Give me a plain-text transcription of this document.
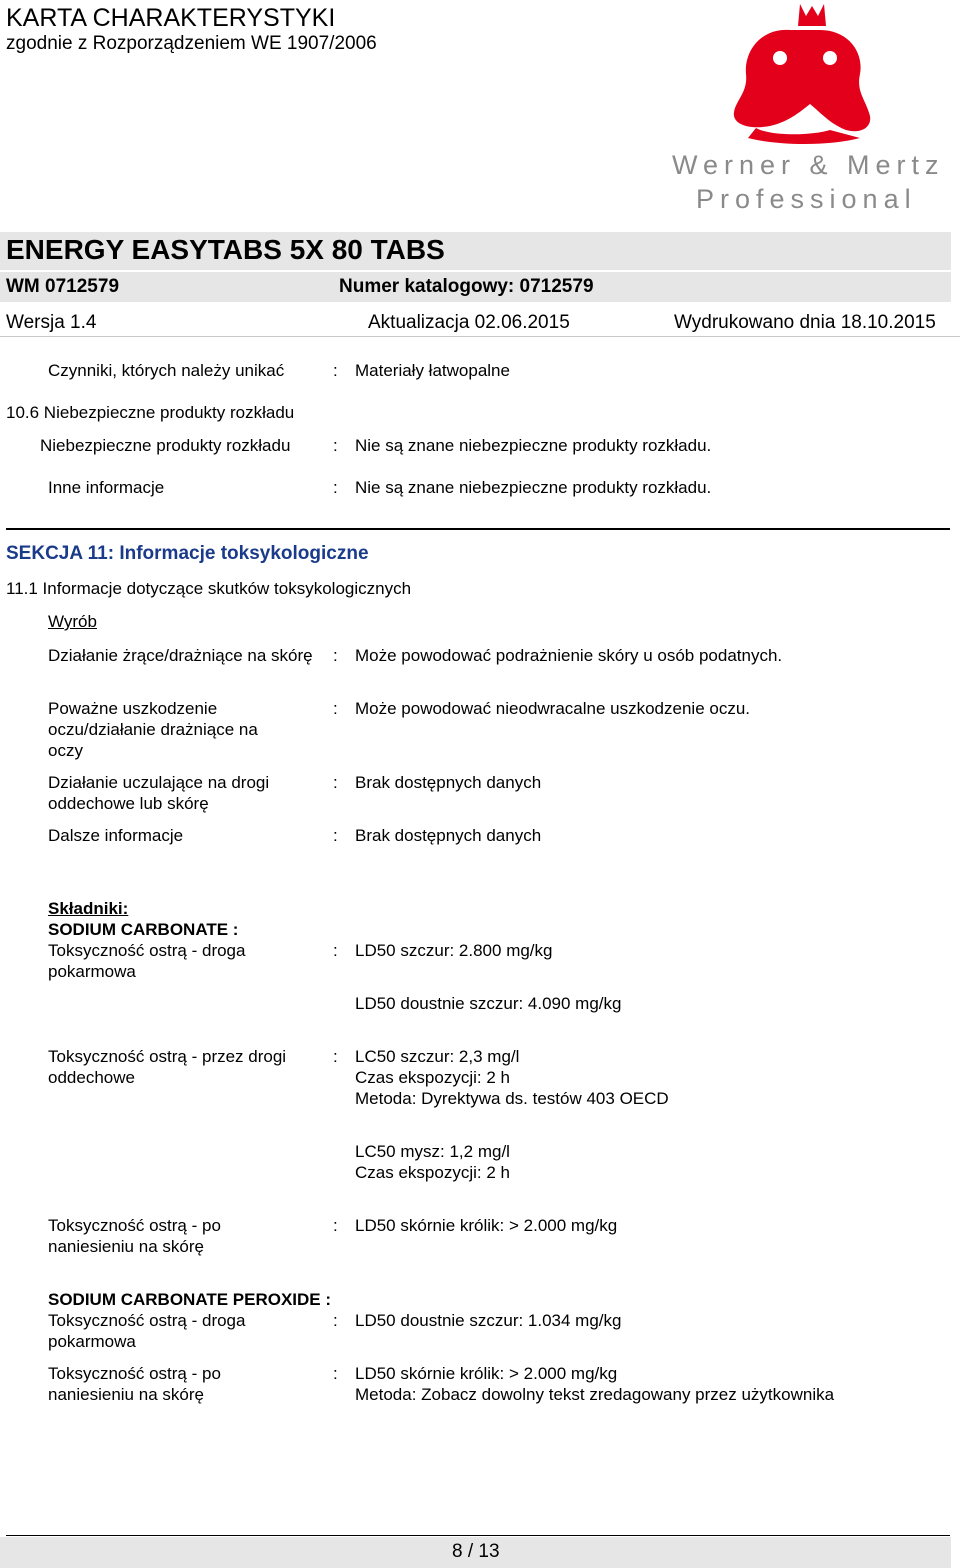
KARTA CHARAKTERYSTYKI
zgodnie z Rozporządzeniem WE 1907/2006
Werner & Mertz
Professional
ENERGY EASYTABS 5X 80 TABS
WM 0712579	Numer katalogowy: 0712579
Wersja 1.4	Aktualizacja 02.06.2015	Wydrukowano dnia 18.10.2015
Czynniki, których należy unikać	: Materiały łatwopalne
10.6 Niebezpieczne produkty rozkładu
Niebezpieczne produkty rozkładu	: Nie są znane niebezpieczne produkty rozkładu.
Inne informacje	: Nie są znane niebezpieczne produkty rozkładu.
SEKCJA 11: Informacje toksykologiczne
11.1 Informacje dotyczące skutków toksykologicznych
Wyrób
Działanie żrące/drażniące na skórę : Może powodować podrażnienie skóry u osób podatnych.
Poważne uszkodzenie oczu/działanie drażniące na oczy
: Może powodować nieodwracalne uszkodzenie oczu.
Działanie uczulające na drogi oddechowe lub skórę
: Brak dostępnych danych
Dalsze informacje	: Brak dostępnych danych
Składniki:
SODIUM CARBONATE :
Toksyczność ostrą - droga pokarmowa
: LD50 szczur: 2.800 mg/kg
LD50 doustnie szczur: 4.090 mg/kg
Toksyczność ostrą - przez drogi oddechowe
: LC50 szczur: 2,3 mg/l
Czas ekspozycji: 2 h
Metoda: Dyrektywa ds. testów 403 OECD
LC50 mysz: 1,2 mg/l
Czas ekspozycji: 2 h
Toksyczność ostrą - po naniesieniu na skórę
: LD50 skórnie królik: > 2.000 mg/kg
SODIUM CARBONATE PEROXIDE :
Toksyczność ostrą - droga pokarmowa
: LD50 doustnie szczur: 1.034 mg/kg
Toksyczność ostrą - po naniesieniu na skórę
: LD50 skórnie królik: > 2.000 mg/kg
Metoda: Zobacz dowolny tekst zredagowany przez użytkownika
8 / 13
